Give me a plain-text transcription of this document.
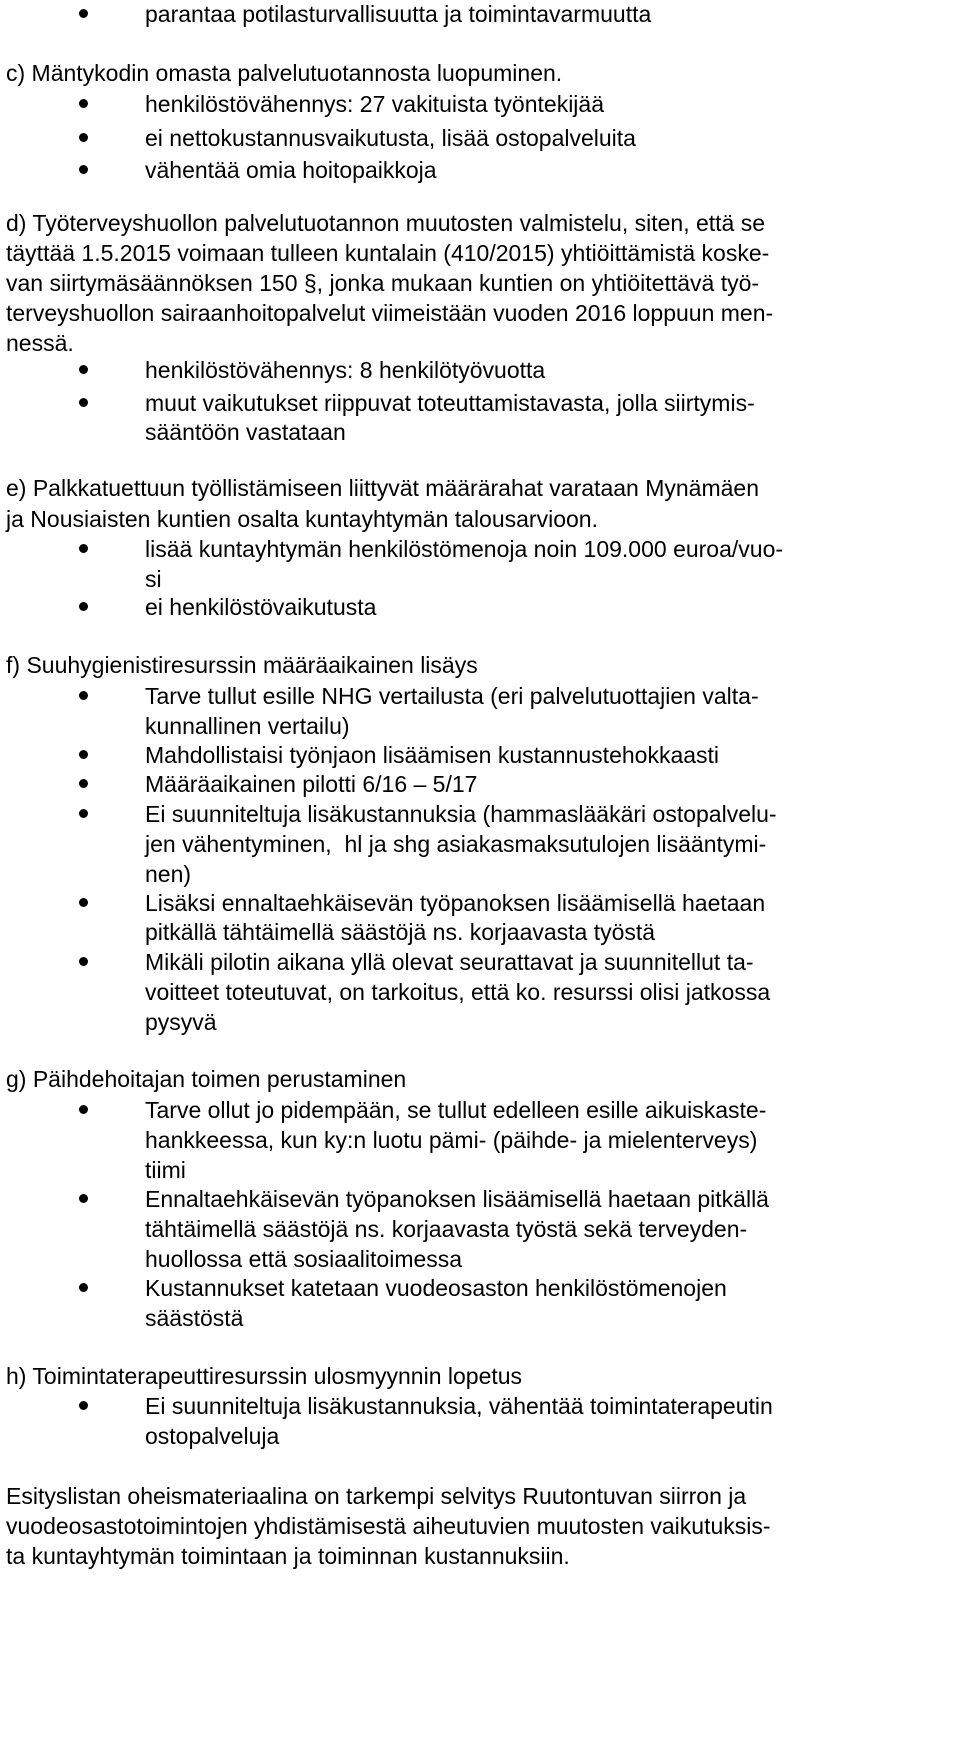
parantaa potilasturvallisuutta ja toimintavarmuutta
c) Mäntykodin omasta palvelutuotannosta luopuminen.
henkilöstövähennys: 27 vakituista työntekijää
ei nettokustannusvaikutusta, lisää ostopalveluita
vähentää omia hoitopaikkoja
d) Työterveyshuollon palvelutuotannon muutosten valmistelu, siten, että se
täyttää 1.5.2015 voimaan tulleen kuntalain (410/2015) yhtiöittämistä koske-
van siirtymäsäännöksen 150 §, jonka mukaan kuntien on yhtiöitettävä työ-
terveyshuollon sairaanhoitopalvelut viimeistään vuoden 2016 loppuun men-
nessä.
henkilöstövähennys: 8 henkilötyövuotta
muut vaikutukset riippuvat toteuttamistavasta, jolla siirtymis-
sääntöön vastataan
e) Palkkatuettuun työllistämiseen liittyvät määrärahat varataan Mynämäen
ja Nousiaisten kuntien osalta kuntayhtymän talousarvioon.
lisää kuntayhtymän henkilöstömenoja noin 109.000 euroa/vuo-
si
ei henkilöstövaikutusta
f) Suuhygienistiresurssin määräaikainen lisäys
Tarve tullut esille NHG vertailusta (eri palvelutuottajien valta-
kunnallinen vertailu)
Mahdollistaisi työnjaon lisäämisen kustannustehokkaasti
Määräaikainen pilotti 6/16 – 5/17
Ei suunniteltuja lisäkustannuksia (hammaslääkäri ostopalvelu-
jen vähentyminen,  hl ja shg asiakasmaksutulojen lisääntymi-
nen)
Lisäksi ennaltaehkäisevän työpanoksen lisäämisellä haetaan
pitkällä tähtäimellä säästöjä ns. korjaavasta työstä
Mikäli pilotin aikana yllä olevat seurattavat ja suunnitellut ta-
voitteet toteutuvat, on tarkoitus, että ko. resurssi olisi jatkossa
pysyvä
g) Päihdehoitajan toimen perustaminen
Tarve ollut jo pidempään, se tullut edelleen esille aikuiskaste-
hankkeessa, kun ky:n luotu pämi- (päihde- ja mielenterveys)
tiimi
Ennaltaehkäisevän työpanoksen lisäämisellä haetaan pitkällä
tähtäimellä säästöjä ns. korjaavasta työstä sekä terveyden-
huollossa että sosiaalitoimessa
Kustannukset katetaan vuodeosaston henkilöstömenojen
säästöstä
h) Toimintaterapeuttiresurssin ulosmyynnin lopetus
Ei suunniteltuja lisäkustannuksia, vähentää toimintaterapeutin
ostopalveluja
Esityslistan oheismateriaalina on tarkempi selvitys Ruutontuvan siirron ja
vuodeosastotoimintojen yhdistämisestä aiheutuvien muutosten vaikutuksis-
ta kuntayhtymän toimintaan ja toiminnan kustannuksiin.
